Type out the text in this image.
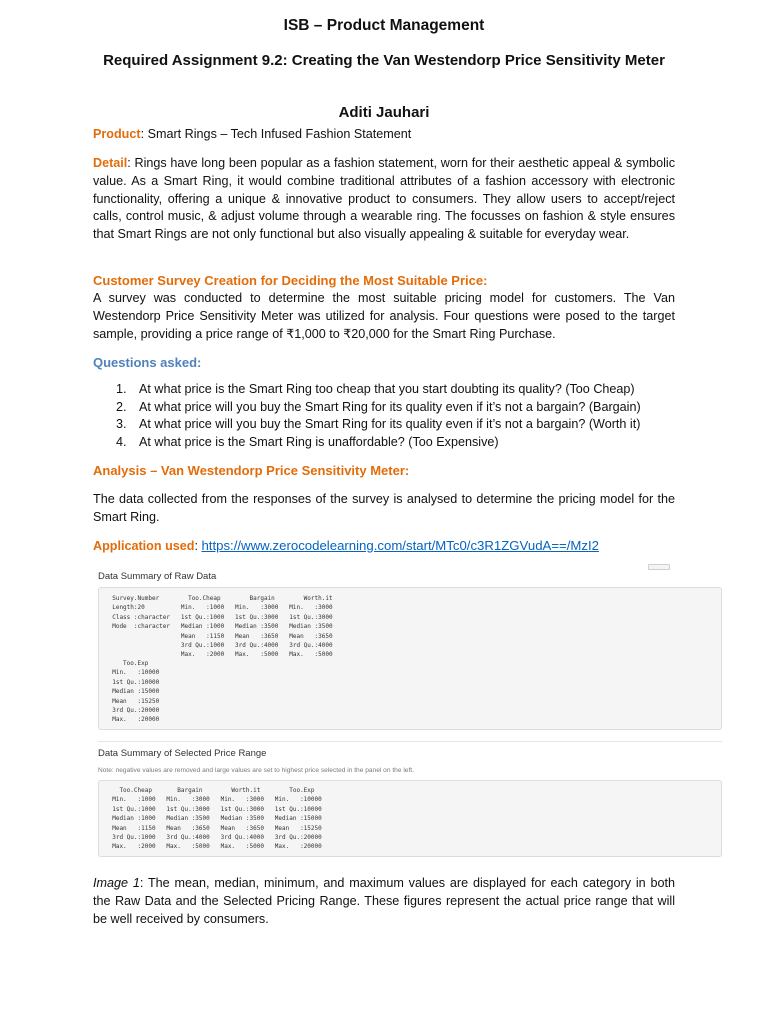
ISB – Product Management
Required Assignment 9.2: Creating the Van Westendorp Price Sensitivity Meter
Aditi Jauhari
Product: Smart Rings – Tech Infused Fashion Statement
Detail: Rings have long been popular as a fashion statement, worn for their aesthetic appeal & symbolic value. As a Smart Ring, it would combine traditional attributes of a fashion accessory with electronic functionality, offering a unique & innovative product to consumers. They allow users to accept/reject calls, control music, & adjust volume through a wearable ring. The focusses on fashion & style ensures that Smart Rings are not only functional but also visually appealing & suitable for everyday wear.
Customer Survey Creation for Deciding the Most Suitable Price:
A survey was conducted to determine the most suitable pricing model for customers. The Van Westendorp Price Sensitivity Meter was utilized for analysis. Four questions were posed to the target sample, providing a price range of ₹1,000 to ₹20,000 for the Smart Ring Purchase.
Questions asked:
1. At what price is the Smart Ring too cheap that you start doubting its quality? (Too Cheap)
2. At what price will you buy the Smart Ring for its quality even if it’s not a bargain? (Bargain)
3. At what price will you buy the Smart Ring for its quality even if it’s not a bargain? (Worth it)
4. At what price is the Smart Ring is unaffordable? (Too Expensive)
Analysis – Van Westendorp Price Sensitivity Meter:
The data collected from the responses of the survey is analysed to determine the pricing model for the Smart Ring.
Application used: https://www.zerocodelearning.com/start/MTc0/c3R1ZGVudA==/MzI2
Data Summary of Raw Data
Survey.Number        Too.Cheap        Bargain        Worth.it
Length:20          Min.   :1000   Min.   :3000   Min.   :3000
Class :character   1st Qu.:1000   1st Qu.:3000   1st Qu.:3000
Mode  :character   Median :1000   Median :3500   Median :3500
Mean   :1150   Mean   :3650   Mean   :3650
3rd Qu.:1000   3rd Qu.:4000   3rd Qu.:4000
Max.   :2000   Max.   :5000   Max.   :5000
Too.Exp
Min.   :10000
1st Qu.:10000
Median :15000
Mean   :15250
3rd Qu.:20000
Max.   :20000
Data Summary of Selected Price Range
Note: negative values are removed and large values are set to highest price selected in the panel on the left.
Too.Cheap       Bargain        Worth.it        Too.Exp
Min.   :1000   Min.   :3000   Min.   :3000   Min.   :10000
1st Qu.:1000   1st Qu.:3000   1st Qu.:3000   1st Qu.:10000
Median :1000   Median :3500   Median :3500   Median :15000
Mean   :1150   Mean   :3650   Mean   :3650   Mean   :15250
3rd Qu.:1000   3rd Qu.:4000   3rd Qu.:4000   3rd Qu.:20000
Max.   :2000   Max.   :5000   Max.   :5000   Max.   :20000
Image 1: The mean, median, minimum, and maximum values are displayed for each category in both the Raw Data and the Selected Pricing Range. These figures represent the actual price range that will be well received by consumers.
